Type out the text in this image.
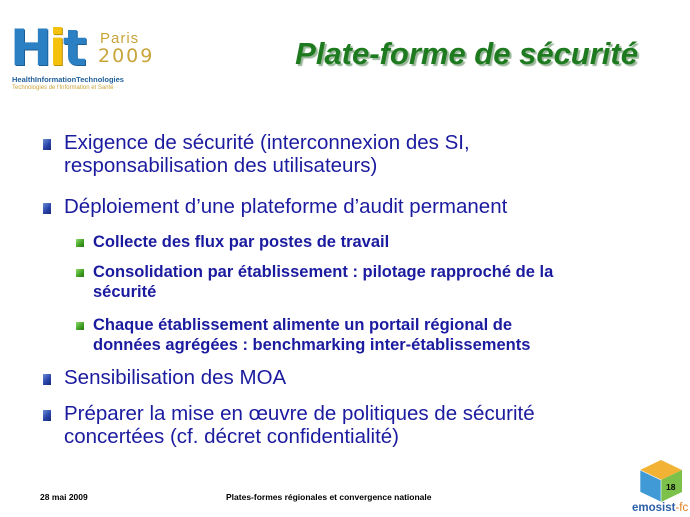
Hit Paris
2009
HealthInformationTechnologies
Technologies de l'Information et Santé
Plate-forme de sécurité
Exigence de sécurité (interconnexion des SI,
responsabilisation des utilisateurs)
Déploiement d’une plateforme d’audit permanent
Collecte des flux par postes de travail
Consolidation par établissement : pilotage rapproché de la
sécurité
Chaque établissement alimente un portail régional de
données agrégées : benchmarking inter-établissements
Sensibilisation des MOA
Préparer la mise en œuvre de politiques de sécurité
concertées (cf. décret confidentialité)
28 mai 2009	Plates-formes régionales et convergence nationale
18
emosist-fc
